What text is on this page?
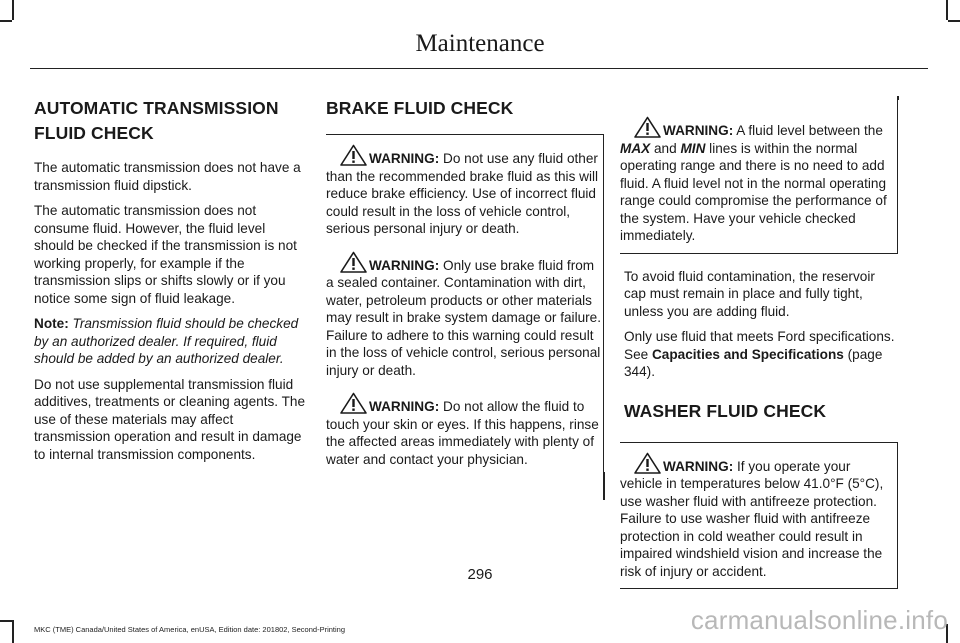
Maintenance
AUTOMATIC TRANSMISSION
FLUID CHECK

The automatic transmission does not have a transmission fluid dipstick.

The automatic transmission does not consume fluid. However, the fluid level should be checked if the transmission is not working properly, for example if the transmission slips or shifts slowly or if you notice some sign of fluid leakage.

Note: Transmission fluid should be checked by an authorized dealer. If required, fluid should be added by an authorized dealer.

Do not use supplemental transmission fluid additives, treatments or cleaning agents. The use of these materials may affect transmission operation and result in damage to internal transmission components.

BRAKE FLUID CHECK

WARNING: Do not use any fluid other than the recommended brake fluid as this will reduce brake efficiency. Use of incorrect fluid could result in the loss of vehicle control, serious personal injury or death.

WARNING: Only use brake fluid from a sealed container. Contamination with dirt, water, petroleum products or other materials may result in brake system damage or failure. Failure to adhere to this warning could result in the loss of vehicle control, serious personal injury or death.

WARNING: Do not allow the fluid to touch your skin or eyes. If this happens, rinse the affected areas immediately with plenty of water and contact your physician.

WARNING: A fluid level between the MAX and MIN lines is within the normal operating range and there is no need to add fluid. A fluid level not in the normal operating range could compromise the performance of the system. Have your vehicle checked immediately.

To avoid fluid contamination, the reservoir cap must remain in place and fully tight, unless you are adding fluid.

Only use fluid that meets Ford specifications. See Capacities and Specifications (page 344).

WASHER FLUID CHECK

WARNING: If you operate your vehicle in temperatures below 41.0°F (5°C), use washer fluid with antifreeze protection. Failure to use washer fluid with antifreeze protection in cold weather could result in impaired windshield vision and increase the risk of injury or accident.

296
MKC (TME) Canada/United States of America, enUSA, Edition date: 201802, Second-Printing	carmanualsonline.info
